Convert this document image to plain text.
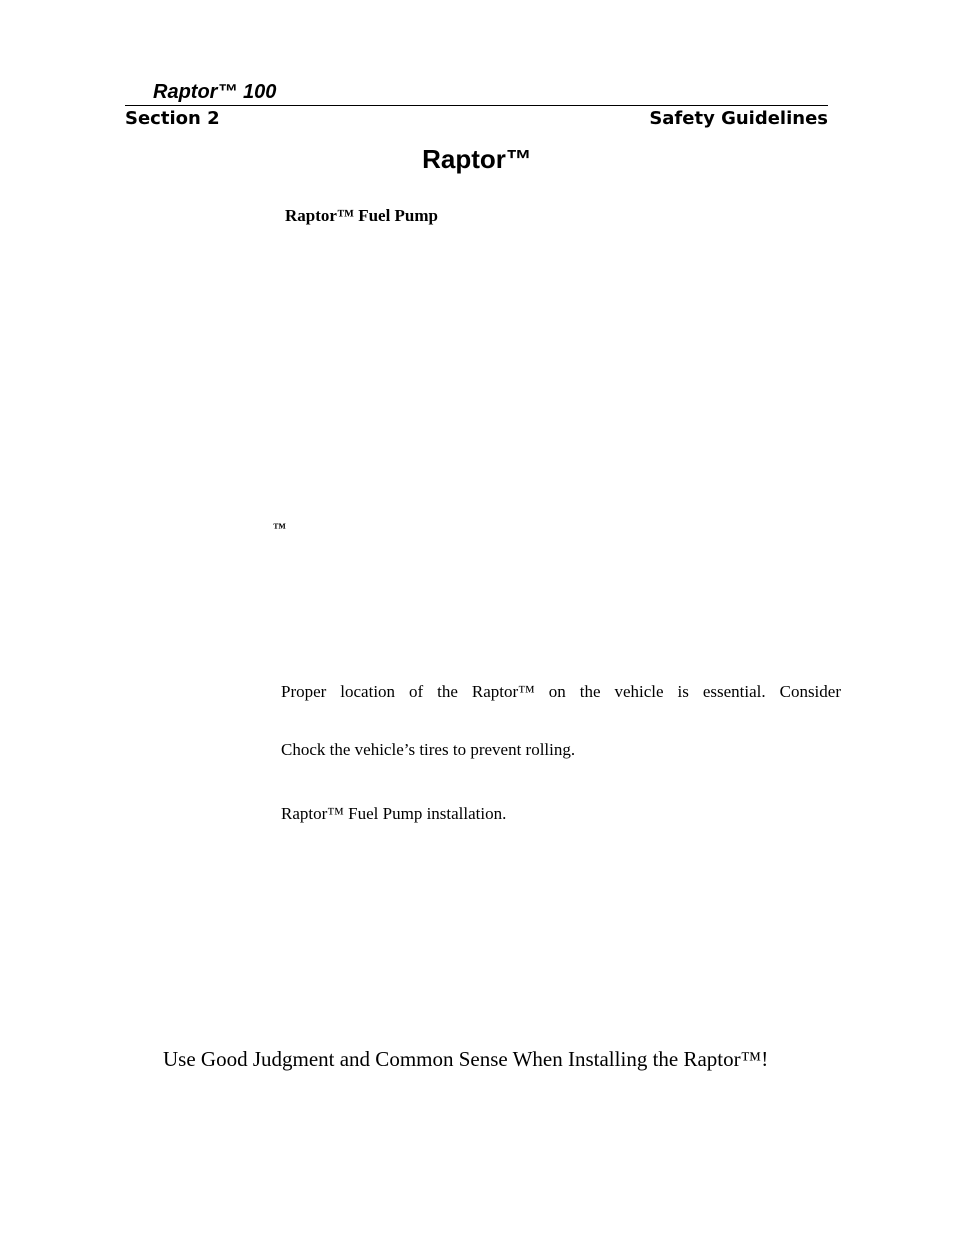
Raptor™ 100
Section 2	Safety Guidelines
Raptor™
Raptor™ Fuel Pump
™
Proper location of the Raptor™ on the vehicle is essential. Consider
Chock the vehicle’s tires to prevent rolling.
Raptor™ Fuel Pump installation.
Use Good Judgment and Common Sense When Installing the Raptor™!
